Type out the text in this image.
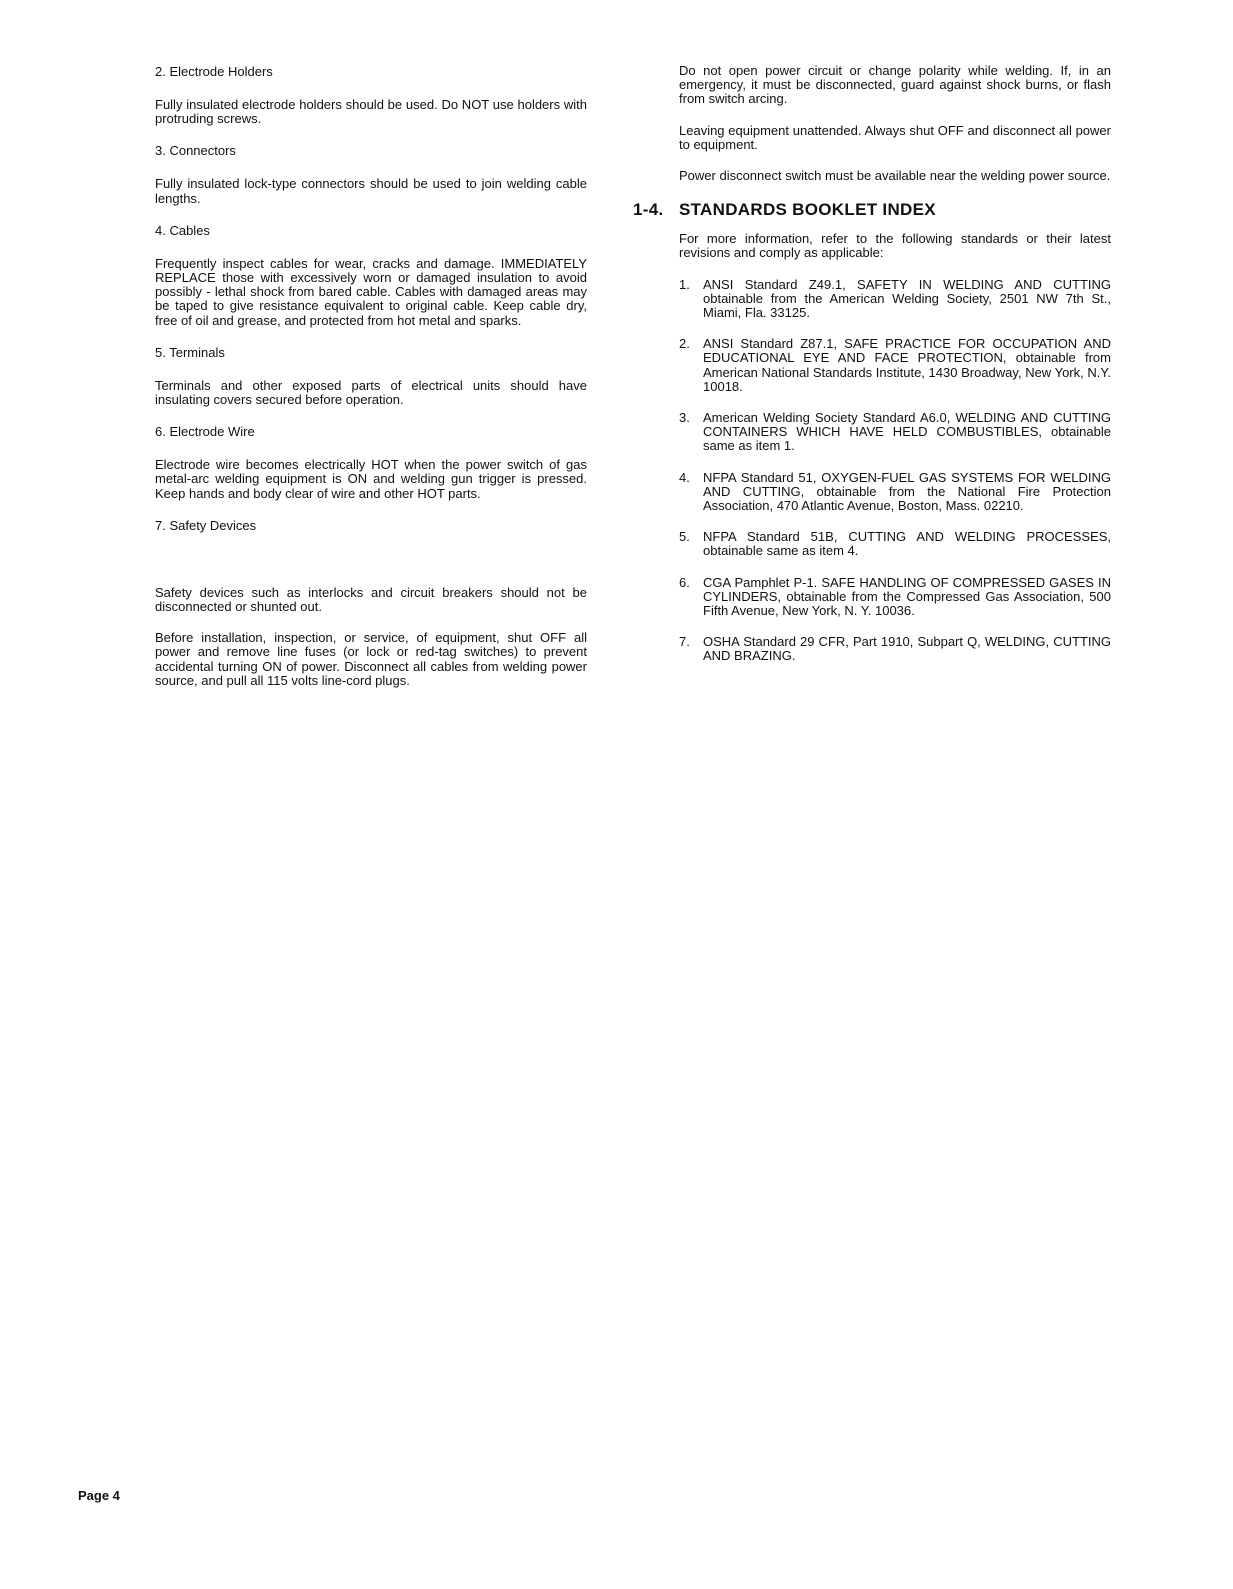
2. Electrode Holders

Fully insulated electrode holders should be used. Do NOT use holders with protruding screws.

3. Connectors

Fully insulated lock-type connectors should be used to join welding cable lengths.

4. Cables

Frequently inspect cables for wear, cracks and damage. IMMEDIATELY REPLACE those with excessively worn or damaged insulation to avoid possibly - lethal shock from bared cable. Cables with damaged areas may be taped to give resistance equivalent to original cable. Keep cable dry, free of oil and grease, and protected from hot metal and sparks.

5. Terminals

Terminals and other exposed parts of electrical units should have insulating covers secured before operation.

6. Electrode Wire

Electrode wire becomes electrically HOT when the power switch of gas metal-arc welding equipment is ON and welding gun trigger is pressed. Keep hands and body clear of wire and other HOT parts.

7. Safety Devices

Safety devices such as interlocks and circuit breakers should not be disconnected or shunted out.

Before installation, inspection, or service, of equipment, shut OFF all power and remove line fuses (or lock or red-tag switches) to prevent accidental turning ON of power. Disconnect all cables from welding power source, and pull all 115 volts line-cord plugs.

Do not open power circuit or change polarity while welding. If, in an emergency, it must be disconnected, guard against shock burns, or flash from switch arcing.

Leaving equipment unattended. Always shut OFF and disconnect all power to equipment.

Power disconnect switch must be available near the welding power source.

1-4. STANDARDS BOOKLET INDEX

For more information, refer to the following standards or their latest revisions and comply as applicable:

1. ANSI Standard Z49.1, SAFETY IN WELDING AND CUTTING obtainable from the American Welding Society, 2501 NW 7th St., Miami, Fla. 33125.
2. ANSI Standard Z87.1, SAFE PRACTICE FOR OCCUPATION AND EDUCATIONAL EYE AND FACE PROTECTION, obtainable from American National Standards Institute, 1430 Broadway, New York, N.Y. 10018.
3. American Welding Society Standard A6.0, WELDING AND CUTTING CONTAINERS WHICH HAVE HELD COMBUSTIBLES, obtainable same as item 1.
4. NFPA Standard 51, OXYGEN-FUEL GAS SYSTEMS FOR WELDING AND CUTTING, obtainable from the National Fire Protection Association, 470 Atlantic Avenue, Boston, Mass. 02210.
5. NFPA Standard 51B, CUTTING AND WELDING PROCESSES, obtainable same as item 4.
6. CGA Pamphlet P-1. SAFE HANDLING OF COMPRESSED GASES IN CYLINDERS, obtainable from the Compressed Gas Association, 500 Fifth Avenue, New York, N. Y. 10036.
7. OSHA Standard 29 CFR, Part 1910, Subpart Q, WELDING, CUTTING AND BRAZING.
Page 4
